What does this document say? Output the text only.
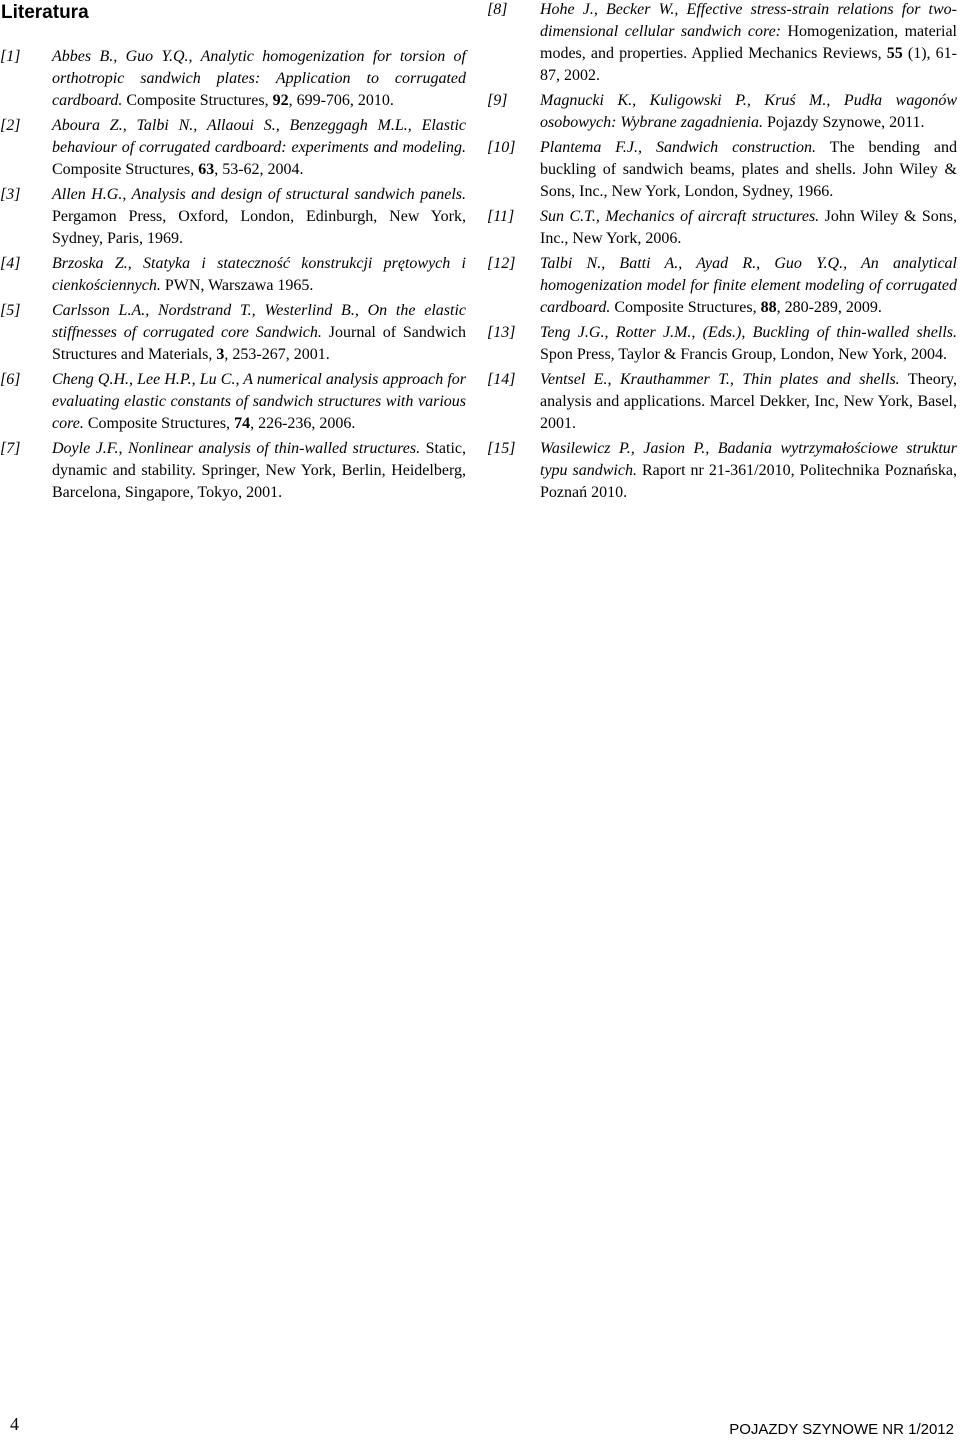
Literatura
[1]	Abbes B., Guo Y.Q., Analytic homogenization for torsion of orthotropic sandwich plates: Application to corrugated cardboard. Composite Structures, 92, 699-706, 2010.
[2]	Aboura Z., Talbi N., Allaoui S., Benzeggagh M.L., Elastic behaviour of corrugated cardboard: experiments and modeling. Composite Structures, 63, 53-62, 2004.
[3]	Allen H.G., Analysis and design of structural sandwich panels. Pergamon Press, Oxford, London, Edinburgh, New York, Sydney, Paris, 1969.
[4]	Brzoska Z., Statyka i stateczność konstrukcji prętowych i cienkościennych. PWN, Warszawa 1965.
[5]	Carlsson L.A., Nordstrand T., Westerlind B., On the elastic stiffnesses of corrugated core Sandwich. Journal of Sandwich Structures and Materials, 3, 253-267, 2001.
[6]	Cheng Q.H., Lee H.P., Lu C., A numerical analysis approach for evaluating elastic constants of sandwich structures with various core. Composite Structures, 74, 226-236, 2006.
[7]	Doyle J.F., Nonlinear analysis of thin-walled structures. Static, dynamic and stability. Springer, New York, Berlin, Heidelberg, Barcelona, Singapore, Tokyo, 2001.
[8]	Hohe J., Becker W., Effective stress-strain relations for two-dimensional cellular sandwich core: Homogenization, material modes, and properties. Applied Mechanics Reviews, 55 (1), 61-87, 2002.
[9]	Magnucki K., Kuligowski P., Kruś M., Pudła wagonów osobowych: Wybrane zagadnienia. Pojazdy Szynowe, 2011.
[10]	Plantema F.J., Sandwich construction. The bending and buckling of sandwich beams, plates and shells. John Wiley & Sons, Inc., New York, London, Sydney, 1966.
[11]	Sun C.T., Mechanics of aircraft structures. John Wiley & Sons, Inc., New York, 2006.
[12]	Talbi N., Batti A., Ayad R., Guo Y.Q., An analytical homogenization model for finite element modeling of corrugated cardboard. Composite Structures, 88, 280-289, 2009.
[13]	Teng J.G., Rotter J.M., (Eds.), Buckling of thin-walled shells. Spon Press, Taylor & Francis Group, London, New York, 2004.
[14]	Ventsel E., Krauthammer T., Thin plates and shells. Theory, analysis and applications. Marcel Dekker, Inc, New York, Basel, 2001.
[15]	Wasilewicz P., Jasion P., Badania wytrzymałościowe struktur typu sandwich. Raport nr 21-361/2010, Politechnika Poznańska, Poznań 2010.
4	POJAZDY SZYNOWE NR 1/2012
